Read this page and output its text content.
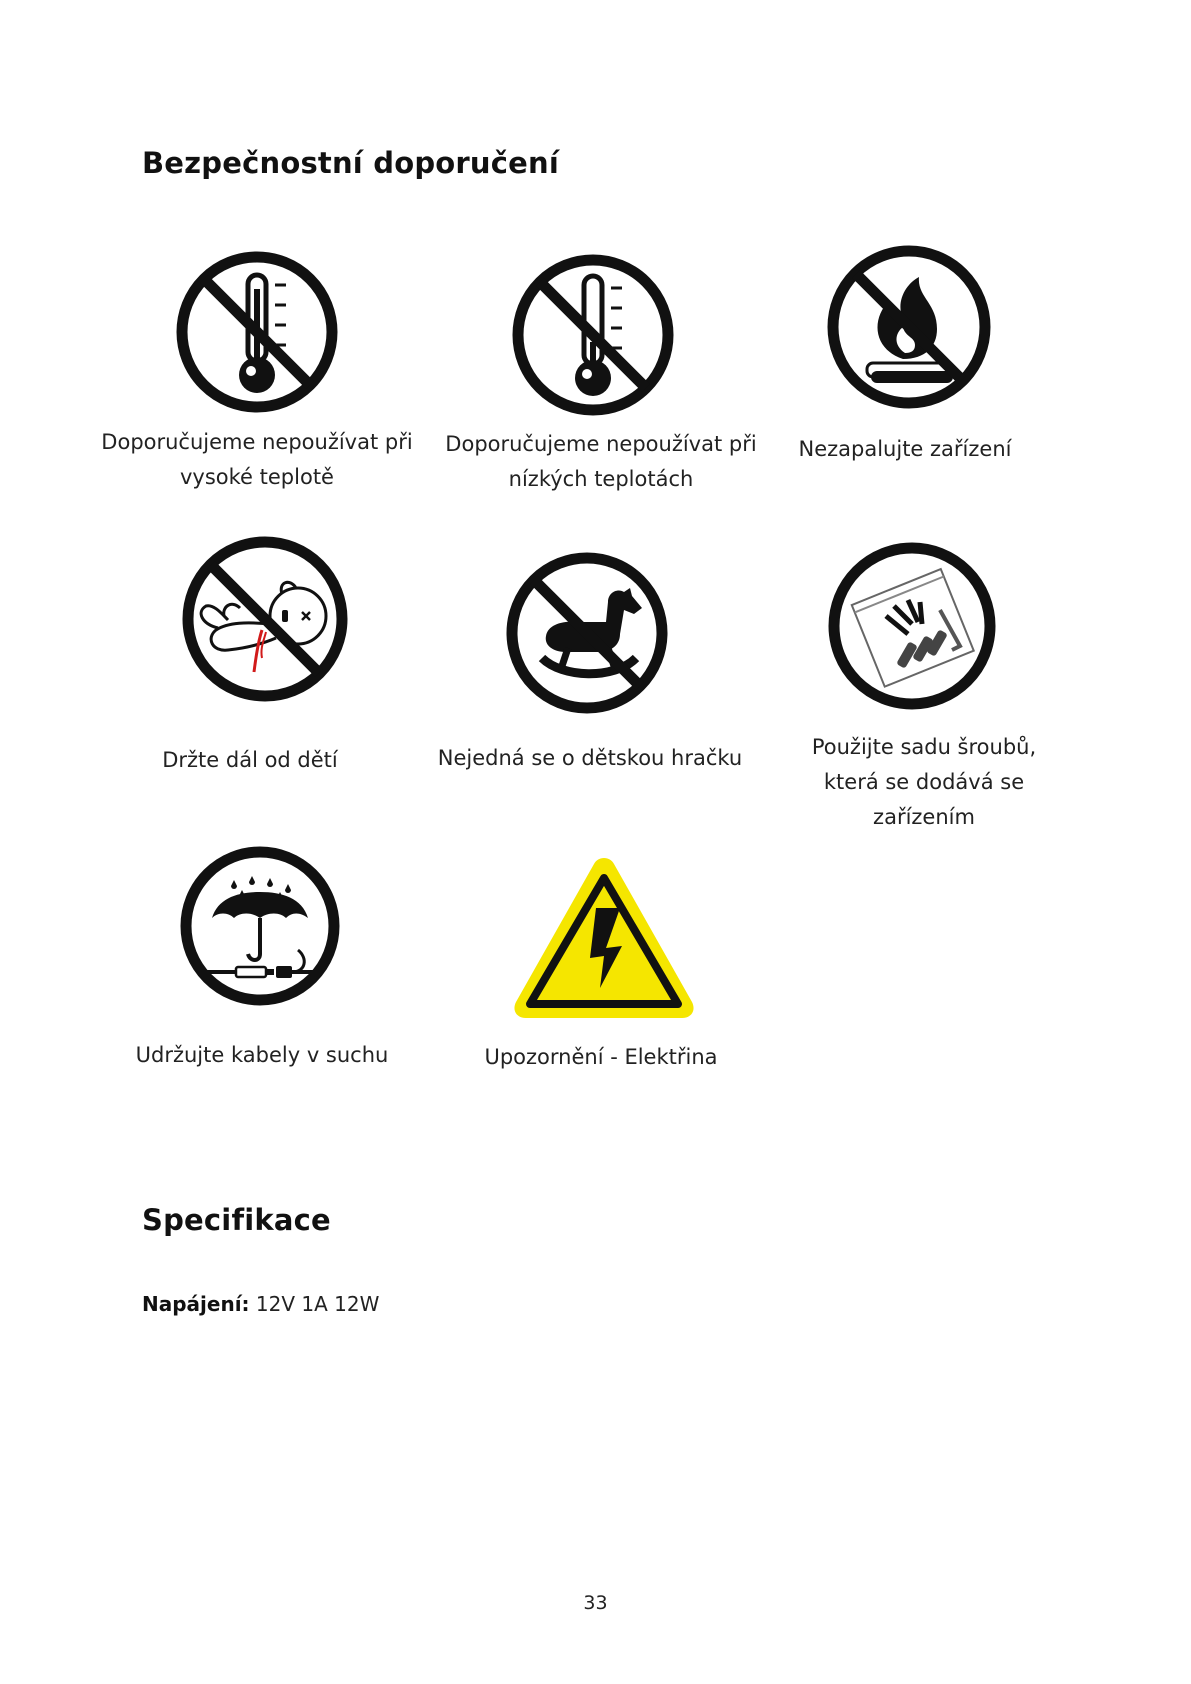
Bezpečnostní doporučení
Doporučujeme nepoužívat při
vysoké teplotě
Doporučujeme nepoužívat při
nízkých teplotách
Nezapalujte zařízení
Držte dál od dětí	Nejedná se o dětskou hračku	Použijte sadu šroubů,
která se dodává se
zařízením
Udržujte kabely v suchu	Upozornění - Elektřina
Specifikace
Napájení: 12V 1A 12W
33
